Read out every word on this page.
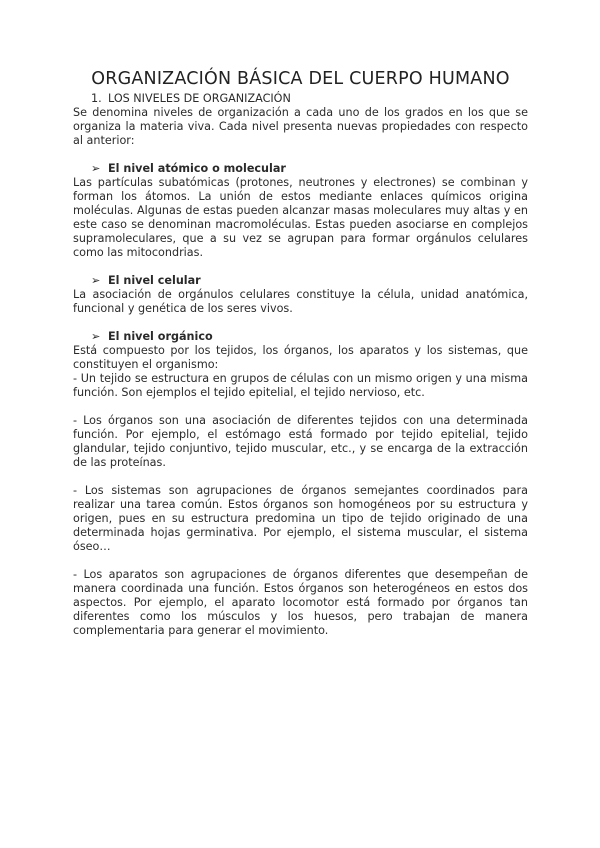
ORGANIZACIÓN BÁSICA DEL CUERPO HUMANO
1. LOS NIVELES DE ORGANIZACIÓN

Se denomina niveles de organización a cada uno de los grados en los que se organiza la materia viva. Cada nivel presenta nuevas propiedades con respecto al anterior:

➢ El nivel atómico o molecular

Las partículas subatómicas (protones, neutrones y electrones) se combinan y forman los átomos. La unión de estos mediante enlaces químicos origina moléculas. Algunas de estas pueden alcanzar masas moleculares muy altas y en este caso se denominan macromoléculas. Estas pueden asociarse en complejos supramoleculares, que a su vez se agrupan para formar orgánulos celulares como las mitocondrias.

➢ El nivel celular

La asociación de orgánulos celulares constituye la célula, unidad anatómica, funcional y genética de los seres vivos.

➢ El nivel orgánico

Está compuesto por los tejidos, los órganos, los aparatos y los sistemas, que constituyen el organismo:

- Un tejido se estructura en grupos de células con un mismo origen y una misma función. Son ejemplos el tejido epitelial, el tejido nervioso, etc.

- Los órganos son una asociación de diferentes tejidos con una determinada función. Por ejemplo, el estómago está formado por tejido epitelial, tejido glandular, tejido conjuntivo, tejido muscular, etc., y se encarga de la extracción de las proteínas.

- Los sistemas son agrupaciones de órganos semejantes coordinados para realizar una tarea común. Estos órganos son homogéneos por su estructura y origen, pues en su estructura predomina un tipo de tejido originado de una determinada hojas germinativa. Por ejemplo, el sistema muscular, el sistema óseo…

- Los aparatos son agrupaciones de órganos diferentes que desempeñan de manera coordinada una función. Estos órganos son heterogéneos en estos dos aspectos. Por ejemplo, el aparato locomotor está formado por órganos tan diferentes como los músculos y los huesos, pero trabajan de manera complementaria para generar el movimiento.
